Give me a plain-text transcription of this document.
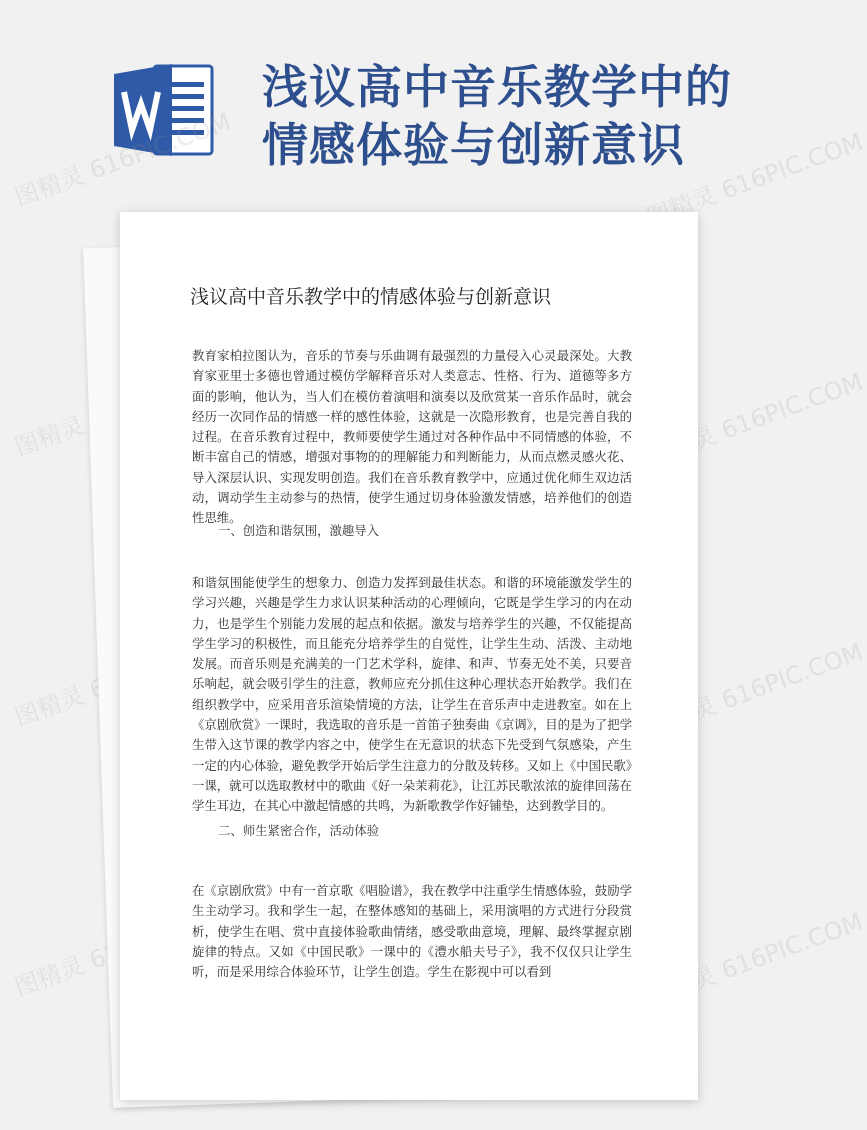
浅议高中音乐教学中的
情感体验与创新意识
图精灵 616PIC.COM	图精灵 616PIC.COM
图精灵	图精灵 616PIC.COM
图精灵	图精灵 616PIC.COM
图精灵	图精灵 616PIC.COM
浅议高中音乐教学中的情感体验与创新意识

教育家柏拉图认为，音乐的节奏与乐曲调有最强烈的力量侵入心灵最深处。大教育家亚里士多德也曾通过模仿学解释音乐对人类意志、性格、行为、道德等多方面的影响，他认为，当人们在模仿着演唱和演奏以及欣赏某一音乐作品时，就会经历一次同作品的情感一样的感性体验，这就是一次隐形教育，也是完善自我的过程。在音乐教育过程中，教师要使学生通过对各种作品中不同情感的体验，不断丰富自己的情感，增强对事物的的理解能力和判断能力，从而点燃灵感火花、导入深层认识、实现发明创造。我们在音乐教育教学中，应通过优化师生双边活动，调动学生主动参与的热情，使学生通过切身体验激发情感，培养他们的创造性思维。

一、创造和谐氛围，激趣导入

和谐氛围能使学生的想象力、创造力发挥到最佳状态。和谐的环境能激发学生的学习兴趣，兴趣是学生力求认识某种活动的心理倾向，它既是学生学习的内在动力，也是学生个别能力发展的起点和依据。激发与培养学生的兴趣，不仅能提高学生学习的积极性，而且能充分培养学生的自觉性，让学生生动、活泼、主动地发展。而音乐则是充满美的一门艺术学科，旋律、和声、节奏无处不美，只要音乐响起，就会吸引学生的注意，教师应充分抓住这种心理状态开始教学。我们在组织教学中，应采用音乐渲染情境的方法，让学生在音乐声中走进教室。如在上《京剧欣赏》一课时，我选取的音乐是一首笛子独奏曲《京调》，目的是为了把学生带入这节课的教学内容之中，使学生在无意识的状态下先受到气氛感染，产生一定的内心体验，避免教学开始后学生注意力的分散及转移。又如上《中国民歌》一课，就可以选取教材中的歌曲《好一朵茉莉花》，让江苏民歌浓浓的旋律回荡在学生耳边，在其心中激起情感的共鸣，为新歌教学作好铺垫，达到教学目的。

二、师生紧密合作，活动体验

在《京剧欣赏》中有一首京歌《唱脸谱》，我在教学中注重学生情感体验，鼓励学生主动学习。我和学生一起，在整体感知的基础上，采用演唱的方式进行分段赏析，使学生在唱、赏中直接体验歌曲情绪，感受歌曲意境，理解、最终掌握京剧旋律的特点。又如《中国民歌》一课中的《澧水船夫号子》，我不仅仅只让学生听，而是采用综合体验环节，让学生创造。学生在影视中可以看到
